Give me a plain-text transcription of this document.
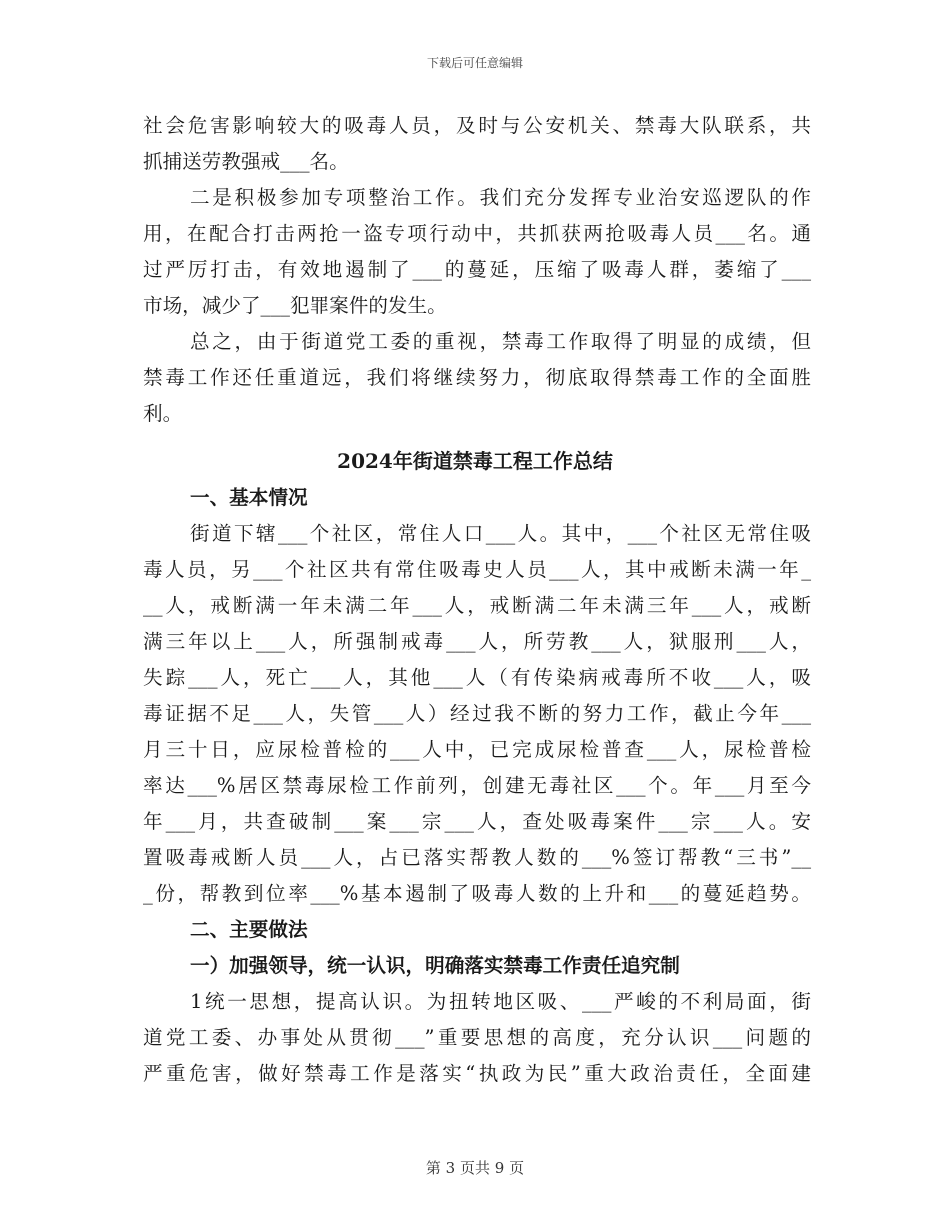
下载后可任意编辑
社会危害影响较大的吸毒人员，及时与公安机关、禁毒大队联系，共
抓捕送劳教强戒___名。
二是积极参加专项整治工作。我们充分发挥专业治安巡逻队的作
用，在配合打击两抢一盗专项行动中，共抓获两抢吸毒人员___名。通
过严厉打击，有效地遏制了___的蔓延，压缩了吸毒人群，萎缩了___
市场，减少了___犯罪案件的发生。
总之，由于街道党工委的重视，禁毒工作取得了明显的成绩，但
禁毒工作还任重道远，我们将继续努力，彻底取得禁毒工作的全面胜
利。
2024年街道禁毒工程工作总结
一、基本情况
街道下辖___个社区，常住人口___人。其中，___个社区无常住吸
毒人员，另___个社区共有常住吸毒史人员___人，其中戒断未满一年_
__人，戒断满一年未满二年___人，戒断满二年未满三年___人，戒断
满三年以上___人，所强制戒毒___人，所劳教___人，狱服刑___人，
失踪___人，死亡___人，其他___人（有传染病戒毒所不收___人，吸
毒证据不足___人，失管___人）经过我不断的努力工作，截止今年___
月三十日，应尿检普检的___人中，已完成尿检普查___人，尿检普检
率达___%居区禁毒尿检工作前列，创建无毒社区___个。年___月至今
年___月，共查破制___案___宗___人，查处吸毒案件___宗___人。安
置吸毒戒断人员___人，占已落实帮教人数的___%签订帮教“三书”__
_份，帮教到位率___%基本遏制了吸毒人数的上升和___的蔓延趋势。
二、主要做法
一）加强领导，统一认识，明确落实禁毒工作责任追究制
1统一思想，提高认识。为扭转地区吸、___严峻的不利局面，街
道党工委、办事处从贯彻___”重要思想的高度，充分认识___问题的
严重危害，做好禁毒工作是落实“执政为民”重大政治责任，全面建
第 3 页共 9 页
